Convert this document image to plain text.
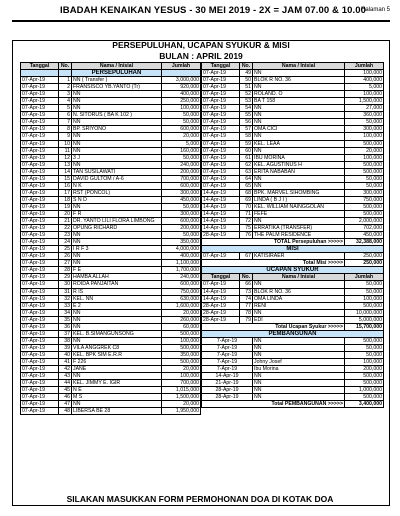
IBADAH KENAIKAN YESUS - 30 MEI 2019 - 2X = JAM 07.00 & 10.00
Halaman 5
PERSEPULUHAN, UCAPAN SYUKUR & MISI
BULAN : APRIL 2019
Tanggal	No.	Nama / Inisial	Jumlah
		PERSEPULUHAN	
07-Apr-19	1	NN ( Transfer )	3,000,000
07-Apr-19	2	FRANSISCO YB.YANTO (Tr)	920,000
07-Apr-19	3	NN	400,000
07-Apr-19	4	NN	250,000
07-Apr-19	5	NN	100,000
07-Apr-19	6	N. SITORUS ( BA K 102 )	50,000
07-Apr-19	7	NN	50,000
07-Apr-19	8	BP. SRIYONO	600,000
07-Apr-19	9	NN	20,000
07-Apr-19	10	NN	5,000
07-Apr-19	11	NN	160,000
07-Apr-19	12	3 J	50,000
07-Apr-19	13	NN	240,000
07-Apr-19	14	TAN SUSILAWATI	200,000
07-Apr-19	15	DAVID GULTOM / A-6	700,000
07-Apr-19	16	N K	600,000
07-Apr-19	17	RST (PONCOL)	300,000
07-Apr-19	18	S N D	450,000
07-Apr-19	19	NN	50,000
07-Apr-19	20	F R	300,000
07-Apr-19	21	DR. YANTO LILI FLORA LIMBONG	600,000
07-Apr-19	22	OPUNG RICHARD	200,000
07-Apr-19	23	NN	50,000
07-Apr-19	24	NN	350,000
07-Apr-19	25	I R F 3	4,000,000
07-Apr-19	26	NN	400,000
07-Apr-19	27	NN	1,100,000
07-Apr-19	28	F E	1,700,000
07-Apr-19	29	HAMBA ALLAH	240,000
07-Apr-19	30	ROIDA PANJAITAN	600,000
07-Apr-19	31	R IS	750,000
07-Apr-19	32	KEL. NN	630,000
07-Apr-19	33	E 2	1,600,000
07-Apr-19	34	NN	20,000
07-Apr-19	35	NN	260,000
07-Apr-19	36	NN	60,000
07-Apr-19	37	KEL. B.SIMANGUNSONG	500,000
07-Apr-19	38	NN	100,000
07-Apr-19	39	VILA ANGGREK C8	500,000
07-Apr-19	40	KEL. BPK SIM E.R.R	350,000
07-Apr-19	41	F 226	500,000
07-Apr-19	42	JANE	20,000
07-Apr-19	43	NN	100,000
07-Apr-19	44	KEL. JIMMY E. IGIR	700,000
07-Apr-19	45	N E	1,015,000
07-Apr-19	46	M S	1,500,000
07-Apr-19	47	NN	20,000
07-Apr-19	48	LIBERSA BE 28	1,950,000
Tanggal	No.	Nama / Inisial	Jumlah
07-Apr-19	49	NN	100,000
07-Apr-19	50	BLOK R NO. 36	400,000
07-Apr-19	51	NN	5,000
07-Apr-19	52	ROLAND. O	100,000
07-Apr-19	53	BA T 158	1,500,000
07-Apr-19	54	NN	27,000
07-Apr-19	55	NN	360,000
07-Apr-19	56	NN	50,000
07-Apr-19	57	OMA CICI	300,000
07-Apr-19	58	NN	100,000
07-Apr-19	59	KEL. LEAA	500,000
07-Apr-19	60	NN	20,000
07-Apr-19	61	IBU MORINA	100,000
07-Apr-19	62	KEL. AGUSTINUS H	500,000
07-Apr-19	63	ERITA NABABAN	500,000
07-Apr-19	64	NN	50,000
07-Apr-19	65	NN	50,000
14-Apr-19	68	BPK. MARVEL SIHOMBING	300,000
14-Apr-19	69	LINDA ( B J I )	750,000
14-Apr-19	70	KEL. WILLIAM NAINGGOLAN	500,000
14-Apr-19	71	FEFE	500,000
14-Apr-19	72	NN	2,000,000
14-Apr-19	75	ERRATIKA (TRANSFER)	702,000
28-Apr-19	76	THE PALM RESIDENCE	450,000
TOTAL Persepuluhan >>>>>			32,388,000
MISI			
07-Apr-19	67	KATISIRAER	250,000
Total Misi >>>>>			250,000
UCAPAN SYUKUR			
Tanggal	No.	Nama / Inisial	Jumlah
07-Apr-19	66	NN	50,000
14-Apr-19	73	BLOK R NO. 36	50,000
14-Apr-19	74	OMA LINDA	100,000
28-Apr-19	77	RENI	500,000
28-Apr-19	78	NN	10,000,000
28-Apr-19	79	EDI	5,000,000
Total Ucapan Syukur >>>>>			15,700,000
PEMBANGUNAN			
7-Apr-19		NN	500,000
7-Apr-19		NN	50,000
7-Apr-19		NN	50,000
7-Apr-19		Johny Josef	100,000
7-Apr-19		Ibu Morina	200,000
14-Apr-19		NN	500,000
21-Apr-19		NN	500,000
28-Apr-19		NN	1,000,000
28-Apr-19		NN	500,000
Total PEMBANGUNAN >>>>>			3,400,000
SILAKAN MASUKKAN FORM PERMOHONAN DOA DI KOTAK DOA
